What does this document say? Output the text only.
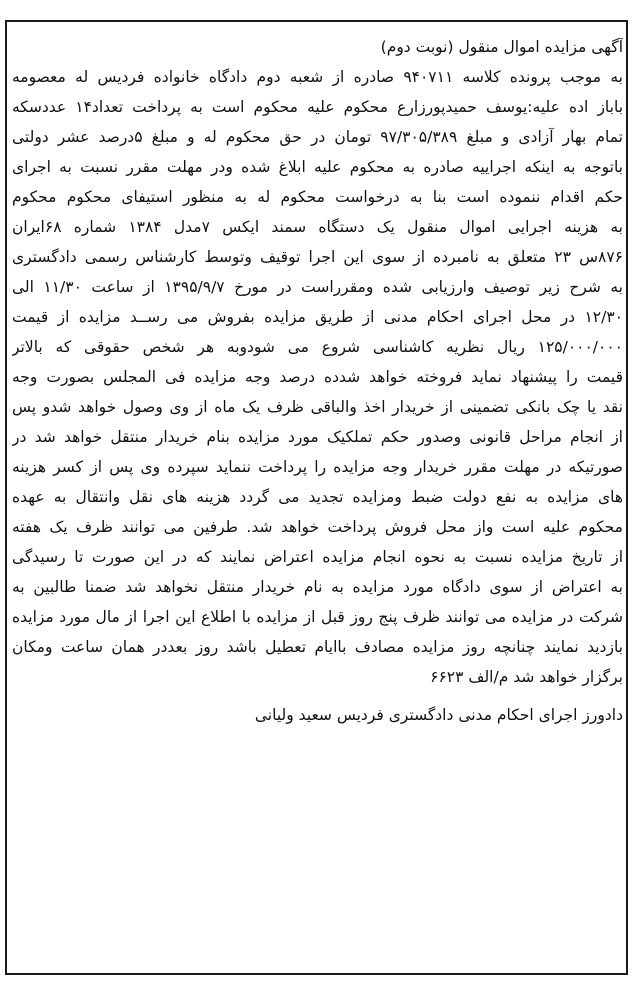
آگهی مزایده اموال منقول (نوبت دوم)
به موجب پرونده کلاسه ۹۴۰۷۱۱ صادره از شعبه دوم دادگاه خانواده فردیس له معصومه
باباز اده علیه:یوسف حمیدپورزارع محکوم علیه محکوم است به پرداخت تعداد۱۴ عددسکه
تمام بهار آزادی و مبلغ ۹۷/۳۰۵/۳۸۹ تومان در حق محکوم له و مبلغ ۵درصد عشر دولتی
باتوجه به اینکه اجراییه صادره به محکوم علیه ابلاغ شده ودر مهلت مقرر نسبت به اجرای
حکم اقدام ننموده است بنا به درخواست محکوم له به منظور استیفای محکوم محکوم
به هزینه اجرایی اموال منقول یک دستگاه سمند ایکس ۷مدل ۱۳۸۴ شماره ۶۸ایران
۸۷۶س ۲۳ متعلق به نامبرده از سوی این اجرا توقیف وتوسط کارشناس رسمی دادگستری
به شرح زیر توصیف وارزیابی شده ومقرراست در مورخ ۱۳۹۵/۹/۷ از ساعت ۱۱/۳۰ الی
۱۲/۳۰ در محل اجرای احکام مدنی از طریق مزایده بفروش می رســد مزایده از قیمت
۱۲۵/۰۰۰/۰۰۰ ریال نظریه کاشناسی شروع می شودوبه هر شخص حقوقی که بالاتر
قیمت را پیشنهاد نماید فروخته خواهد شدده درصد وجه مزایده فی المجلس بصورت وجه
نقد یا چک بانکی تضمینی از خریدار اخذ والباقی ظرف یک ماه از وی وصول خواهد شدو پس
از انجام مراحل قانونی وصدور حکم تملکیک مورد مزایده بنام خریدار منتقل خواهد شد در
صورتیکه در مهلت مقرر خریدار وجه مزایده را پرداخت ننماید سپرده وی پس از کسر هزینه
های مزایده به نفع دولت ضبط ومزایده تجدید می گردد هزینه های نقل وانتقال به عهده
محکوم علیه است واز محل فروش پرداخت خواهد شد. طرفین می توانند ظرف یک هفته
از تاریخ مزایده نسبت به نحوه انجام مزایده اعتراض نمایند که در این صورت تا رسیدگی
به اعتراض از سوی دادگاه مورد مزایده به نام خریدار منتقل نخواهد شد ضمنا طالبین به
شرکت در مزایده می توانند ظرف پنج روز قبل از مزایده با اطلاع این اجرا از مال مورد مزایده
بازدید نمایند چنانچه روز مزایده مصادف باایام تعطیل باشد روز بعددر همان ساعت ومکان
برگزار خواهد شد م/الف ۶۶۲۳
دادورز اجرای احکام مدنی دادگستری فردیس سعید ولیانی
